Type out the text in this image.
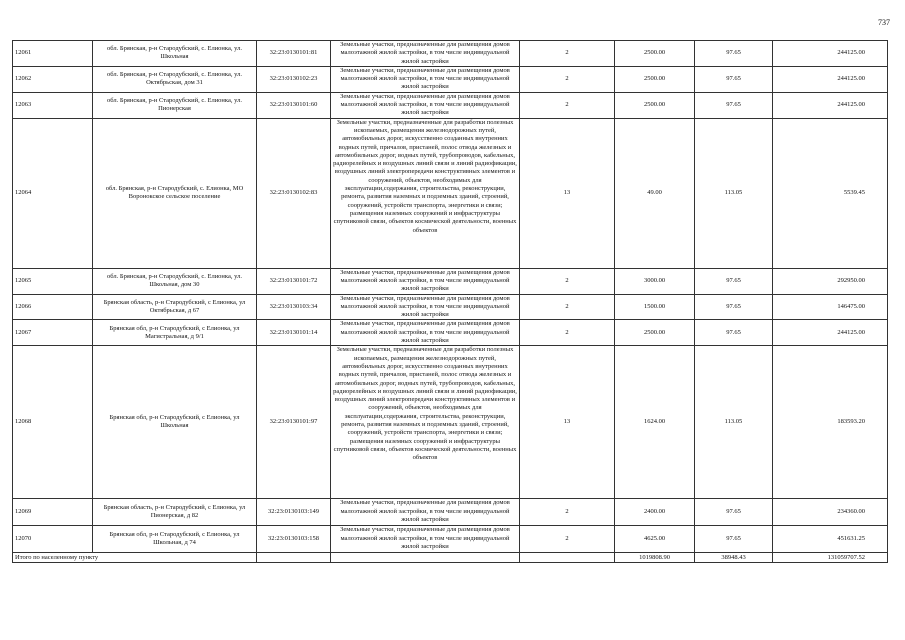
737
12061	обл. Брянская, р-н Стародубский, с. Елионка, ул. Школьная	32:23:0130101:81	Земельные участки, предназначенные для размещения домов малоэтажной жилой застройки, в том числе индивидуальной жилой застройки	2	2500.00	97.65	244125.00
12062	обл. Брянская, р-н Стародубский, с. Елионка, ул. Октябрьская, дом 31	32:23:0130102:23	Земельные участки, предназначенные для размещения домов малоэтажной жилой застройки, в том числе индивидуальной жилой застройки	2	2500.00	97.65	244125.00
12063	обл. Брянская, р-н Стародубский, с. Елионка, ул. Пионерская	32:23:0130101:60	Земельные участки, предназначенные для размещения домов малоэтажной жилой застройки, в том числе индивидуальной жилой застройки	2	2500.00	97.65	244125.00
12064	обл. Брянская, р-н Стародубский, с. Елионка, МО Воронокское сельское поселение	32:23:0130102:83	Земельные участки, предназначенные для разработки полезных ископаемых, размещения железнодорожных путей, автомобильных дорог, искусственно созданных внутренних водных путей, причалов, пристаней, полос отвода железных и автомобильных дорог, водных путей, трубопроводов, кабельных, радиорелейных и воздушных линий связи и линий радиофикации, воздушных линий электропередачи конструктивных элементов и сооружений, объектов, необходимых для эксплуатации,содержания, строительства, реконструкции, ремонта, развития наземных и подземных зданий, строений, сооружений, устройств транспорта, энергетики и связи; размещения наземных сооружений и инфраструктуры спутниковой связи, объектов космической деятельности, военных объектов	13	49.00	113.05	5539.45
12065	обл. Брянская, р-н Стародубский, с. Елионка, ул. Школьная, дом 30	32:23:0130101:72	Земельные участки, предназначенные для размещения домов малоэтажной жилой застройки, в том числе индивидуальной жилой застройки	2	3000.00	97.65	292950.00
12066	Брянская область, р-н Стародубский, с Елионка, ул Октябрьская, д 67	32:23:0130103:34	Земельные участки, предназначенные для размещения домов малоэтажной жилой застройки, в том числе индивидуальной жилой застройки	2	1500.00	97.65	146475.00
12067	Брянская обл, р-н Стародубский, с Елионка, ул Магистральная, д 9/1	32:23:0130101:14	Земельные участки, предназначенные для размещения домов малоэтажной жилой застройки, в том числе индивидуальной жилой застройки	2	2500.00	97.65	244125.00
12068	Брянская обл, р-н Стародубский, с Елионка, ул Школьная	32:23:0130101:97	Земельные участки, предназначенные для разработки полезных ископаемых, размещения железнодорожных путей, автомобильных дорог, искусственно созданных внутренних водных путей, причалов, пристаней, полос отвода железных и автомобильных дорог, водных путей, трубопроводов, кабельных, радиорелейных и воздушных линий связи и линий радиофикации, воздушных линий электропередачи конструктивных элементов и сооружений, объектов, необходимых для эксплуатации,содержания, строительства, реконструкции, ремонта, развития наземных и подземных зданий, строений, сооружений, устройств транспорта, энергетики и связи; размещения наземных сооружений и инфраструктуры спутниковой связи, объектов космической деятельности, военных объектов	13	1624.00	113.05	183593.20
12069	Брянская область, р-н Стародубский, с Елионка, ул Пионерская, д 82	32:23:0130103:149	Земельные участки, предназначенные для размещения домов малоэтажной жилой застройки, в том числе индивидуальной жилой застройки	2	2400.00	97.65	234360.00
12070	Брянская обл, р-н Стародубский, с Елионка, ул Школьная, д 74	32:23:0130103:158	Земельные участки, предназначенные для размещения домов малоэтажной жилой застройки, в том числе индивидуальной жилой застройки	2	4625.00	97.65	451631.25
Итого по населенному пункту					1019808.90	38948.43	131059707.52
